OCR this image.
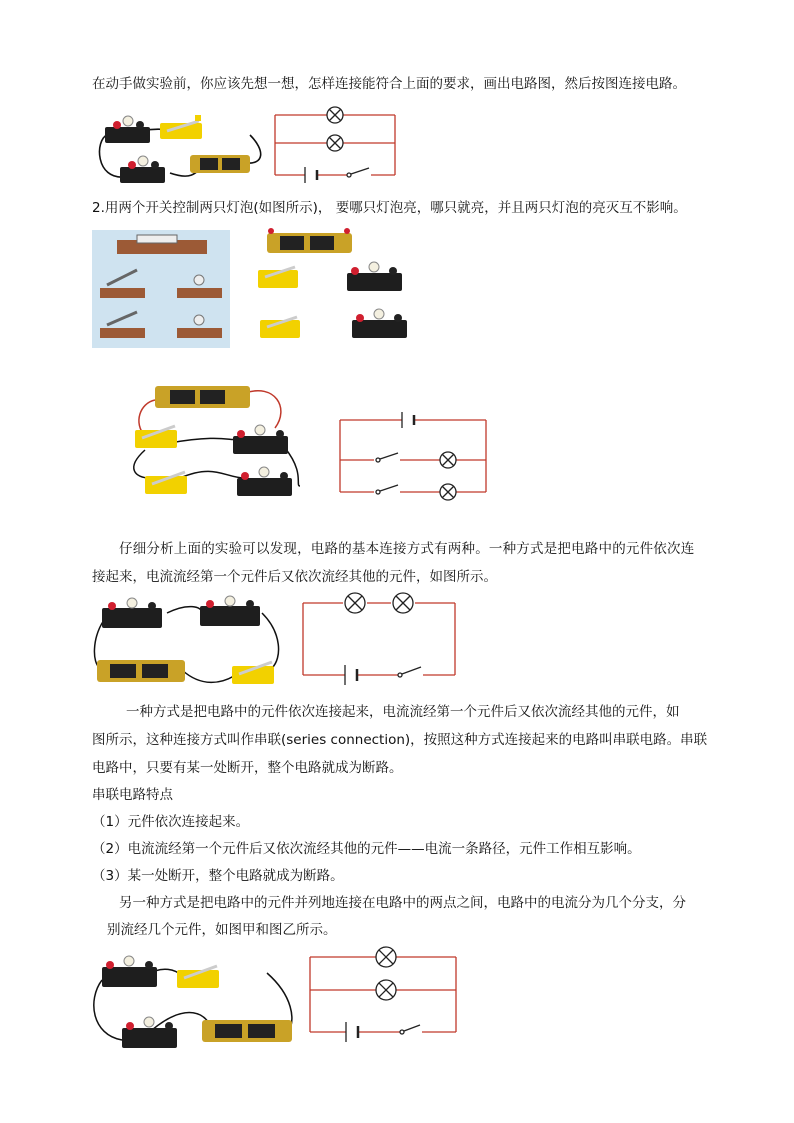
在动手做实验前，你应该先想一想，怎样连接能符合上面的要求，画出电路图，然后按图连接电路。
2.用两个开关控制两只灯泡(如图所示)， 要哪只灯泡亮，哪只就亮，并且两只灯泡的亮灭互不影响。
仔细分析上面的实验可以发现，电路的基本连接方式有两种。一种方式是把电路中的元件依次连
接起来，电流流经第一个元件后又依次流经其他的元件，如图所示。
一种方式是把电路中的元件依次连接起来，电流流经第一个元件后又依次流经其他的元件，如
图所示，这种连接方式叫作串联(series connection)，按照这种方式连接起来的电路叫串联电路。串联
电路中，只要有某一处断开，整个电路就成为断路。
串联电路特点
（1）元件依次连接起来。
（2）电流流经第一个元件后又依次流经其他的元件——电流一条路径，元件工作相互影响。
（3）某一处断开，整个电路就成为断路。
另一种方式是把电路中的元件并列地连接在电路中的两点之间，电路中的电流分为几个分支，分
别流经几个元件，如图甲和图乙所示。
